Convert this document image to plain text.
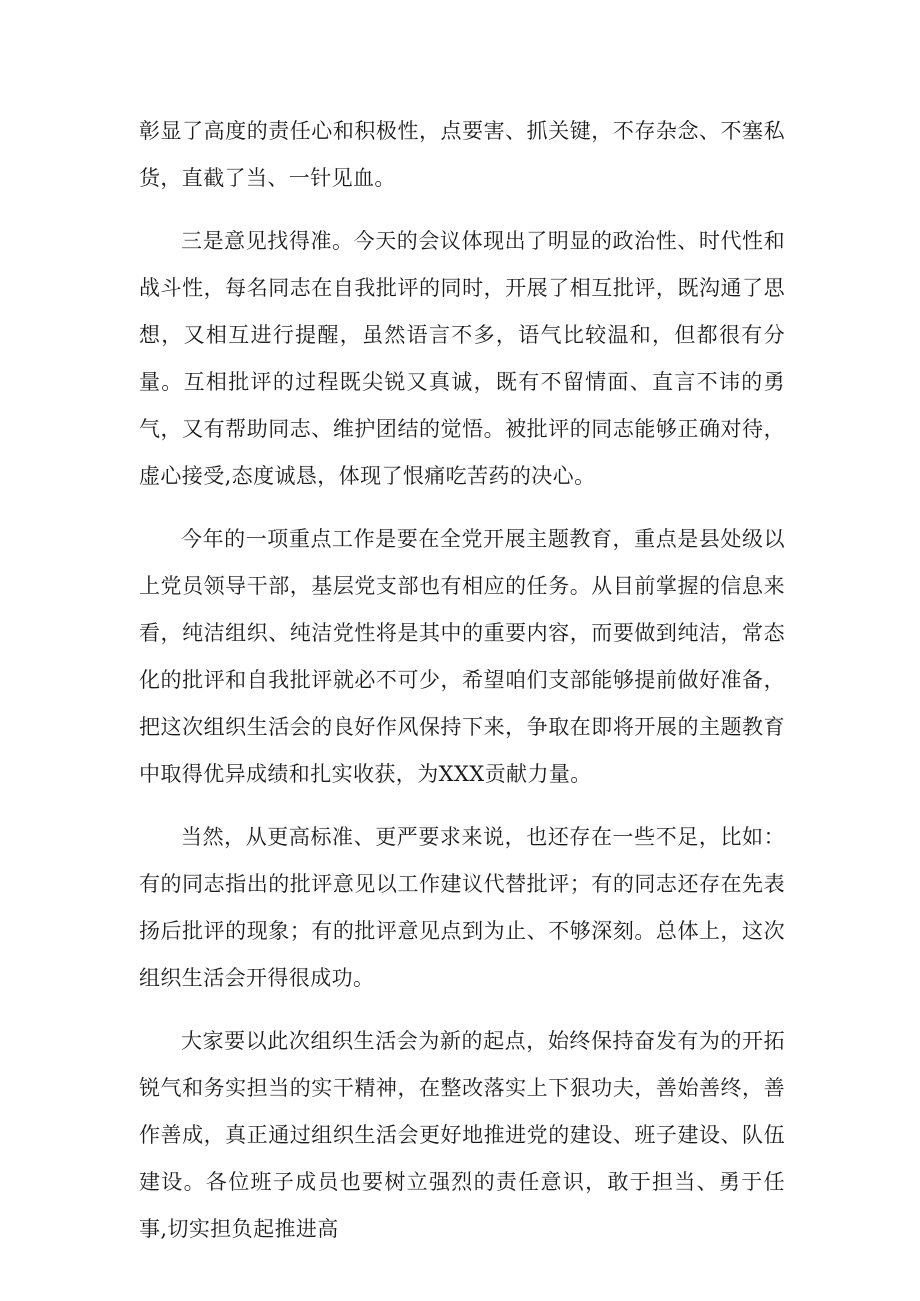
彰显了高度的责任心和积极性，点要害、抓关键，不存杂念、不塞私货，直截了当、一针见血。

三是意见找得准。今天的会议体现出了明显的政治性、时代性和战斗性，每名同志在自我批评的同时，开展了相互批评，既沟通了思想，又相互进行提醒，虽然语言不多，语气比较温和，但都很有分量。互相批评的过程既尖锐又真诚，既有不留情面、直言不讳的勇气，又有帮助同志、维护团结的觉悟。被批评的同志能够正确对待，虚心接受,态度诚恳，体现了恨痛吃苦药的决心。

今年的一项重点工作是要在全党开展主题教育，重点是县处级以上党员领导干部，基层党支部也有相应的任务。从目前掌握的信息来看，纯洁组织、纯洁党性将是其中的重要内容，而要做到纯洁，常态化的批评和自我批评就必不可少，希望咱们支部能够提前做好准备，把这次组织生活会的良好作风保持下来，争取在即将开展的主题教育中取得优异成绩和扎实收获，为XXX贡献力量。

当然，从更高标准、更严要求来说，也还存在一些不足，比如：有的同志指出的批评意见以工作建议代替批评；有的同志还存在先表扬后批评的现象；有的批评意见点到为止、不够深刻。总体上，这次组织生活会开得很成功。

大家要以此次组织生活会为新的起点，始终保持奋发有为的开拓锐气和务实担当的实干精神，在整改落实上下狠功夫，善始善终，善作善成，真正通过组织生活会更好地推进党的建设、班子建设、队伍建设。各位班子成员也要树立强烈的责任意识，敢于担当、勇于任事,切实担负起推进高
